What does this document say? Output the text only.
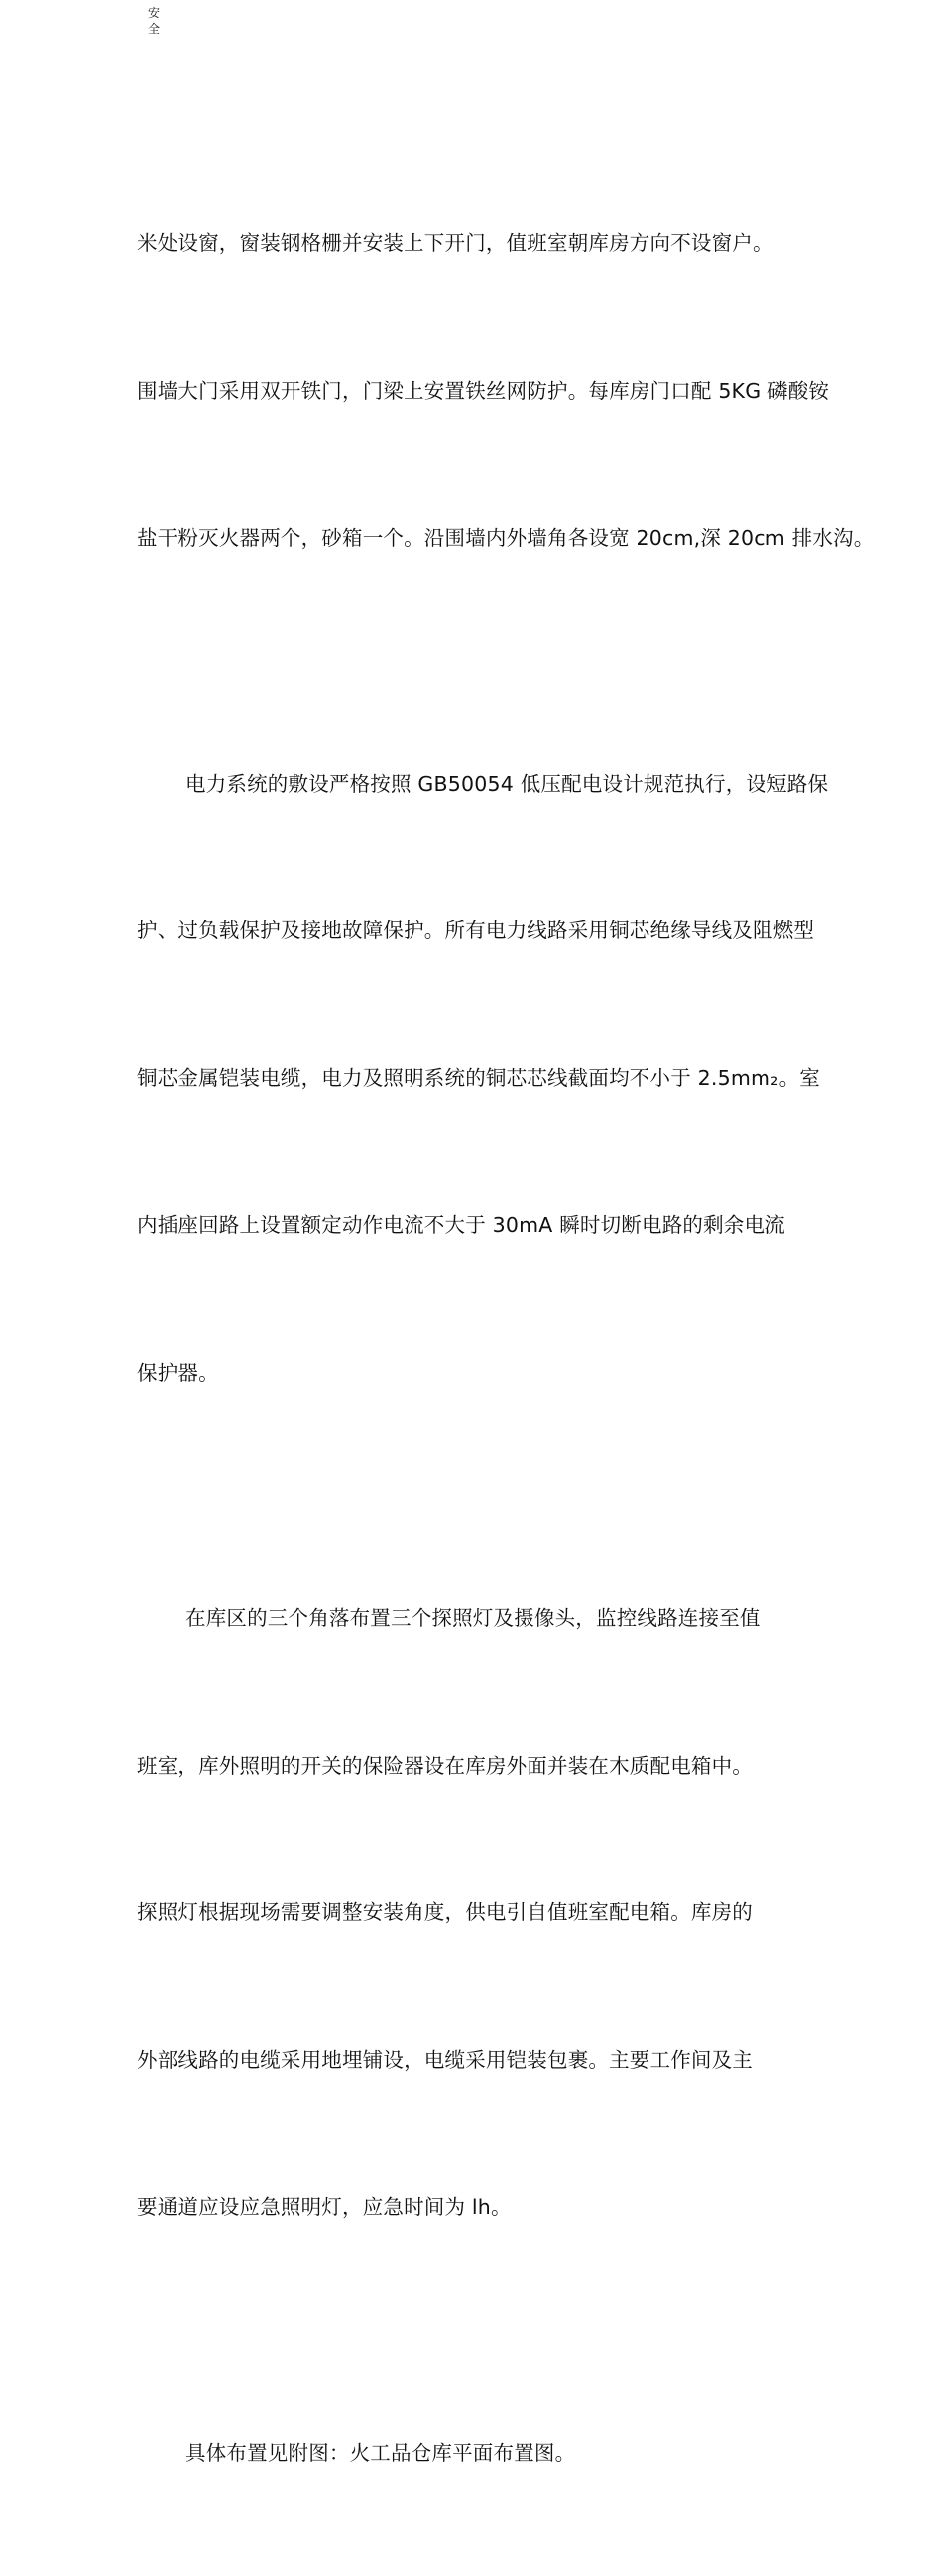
安
全

米处设窗，窗装钢格栅并安装上下开门，值班室朝库房方向不设窗户。

围墙大门采用双开铁门，门梁上安置铁丝网防护。每库房门口配 5KG 磷酸铵

盐干粉灭火器两个，砂箱一个。沿围墙内外墙角各设宽 20cm,深 20cm 排水沟。

电力系统的敷设严格按照 GB50054 低压配电设计规范执行，设短路保

护、过负载保护及接地故障保护。所有电力线路采用铜芯绝缘导线及阻燃型

铜芯金属铠装电缆，电力及照明系统的铜芯芯线截面均不小于 2.5mm₂。室

内插座回路上设置额定动作电流不大于 30mA 瞬时切断电路的剩余电流

保护器。

在库区的三个角落布置三个探照灯及摄像头，监控线路连接至值

班室，库外照明的开关的保险器设在库房外面并装在木质配电箱中。

探照灯根据现场需要调整安装角度，供电引自值班室配电箱。库房的

外部线路的电缆采用地埋铺设，电缆采用铠装包裹。主要工作间及主

要通道应设应急照明灯，应急时间为 lh。

具体布置见附图：火工品仓库平面布置图。
